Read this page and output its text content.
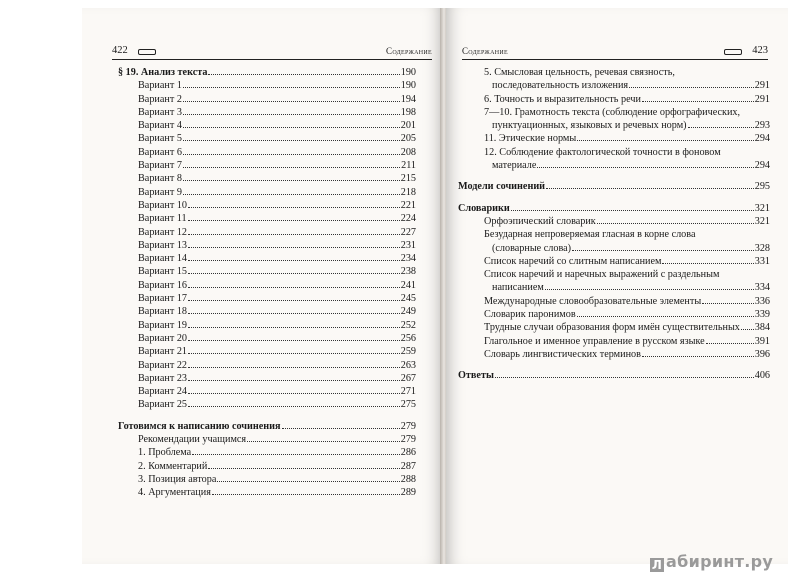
422	Содержание
§ 19. Анализ текста	190
Вариант 1	190
Вариант 2	194
Вариант 3	198
Вариант 4	201
Вариант 5	205
Вариант 6	208
Вариант 7	211
Вариант 8	215
Вариант 9	218
Вариант 10	221
Вариант 11	224
Вариант 12	227
Вариант 13	231
Вариант 14	234
Вариант 15	238
Вариант 16	241
Вариант 17	245
Вариант 18	249
Вариант 19	252
Вариант 20	256
Вариант 21	259
Вариант 22	263
Вариант 23	267
Вариант 24	271
Вариант 25	275
Готовимся к написанию сочинения	279
Рекомендации учащимся	279
1. Проблема	286
2. Комментарий	287
3. Позиция автора	288
4. Аргументация	289
Содержание	423
5. Смысловая цельность, речевая связность,
последовательность изложения	291
6. Точность и выразительность речи	291
7—10. Грамотность текста (соблюдение орфографических,
пунктуационных, языковых и речевых норм)	293
11. Этические нормы	294
12. Соблюдение фактологической точности в фоновом
материале	294
Модели сочинений	295
Словарики	321
Орфоэпический словарик	321
Безударная непроверяемая гласная в корне слова
(словарные слова)	328
Список наречий со слитным написанием	331
Список наречий и наречных выражений с раздельным
написанием	334
Международные словообразовательные элементы	336
Словарик паронимов	339
Трудные случаи образования форм имён существительных 384
Глагольное и именное управление в русском языке	391
Словарь лингвистических терминов	396
Ответы	406
Л абиринт.ру
